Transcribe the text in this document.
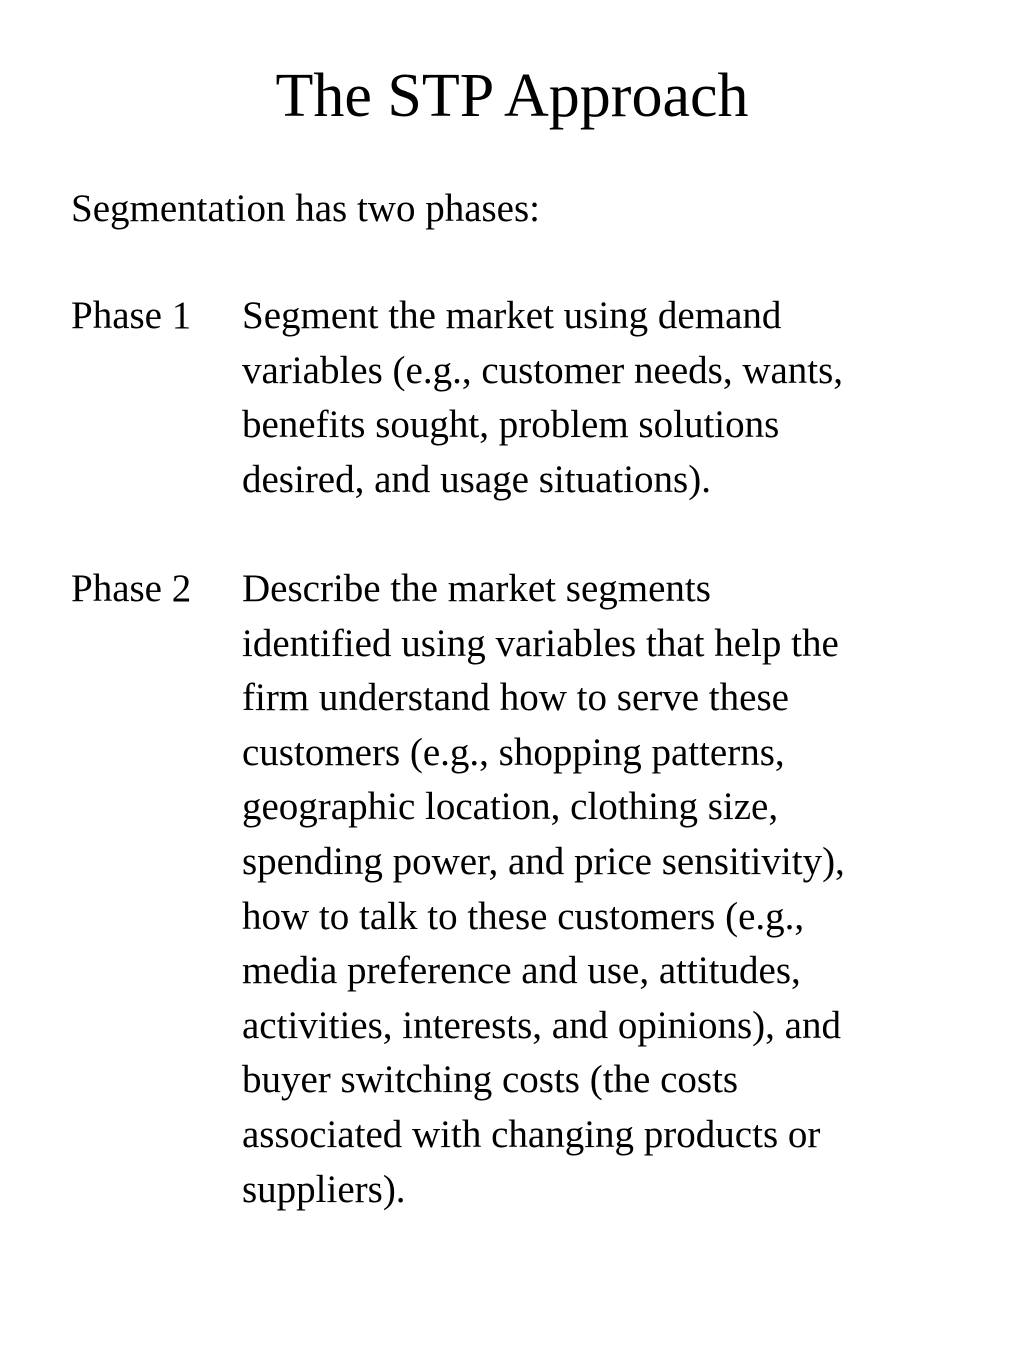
The STP Approach

Segmentation has two phases:

Phase 1 Segment the market using demand
variables (e.g., customer needs, wants,
benefits sought, problem solutions
desired, and usage situations).
Phase 2 Describe the market segments
identified using variables that help the
firm understand how to serve these
customers (e.g., shopping patterns,
geographic location, clothing size,
spending power, and price sensitivity),
how to talk to these customers (e.g.,
media preference and use, attitudes,
activities, interests, and opinions), and
buyer switching costs (the costs
associated with changing products or
suppliers).
